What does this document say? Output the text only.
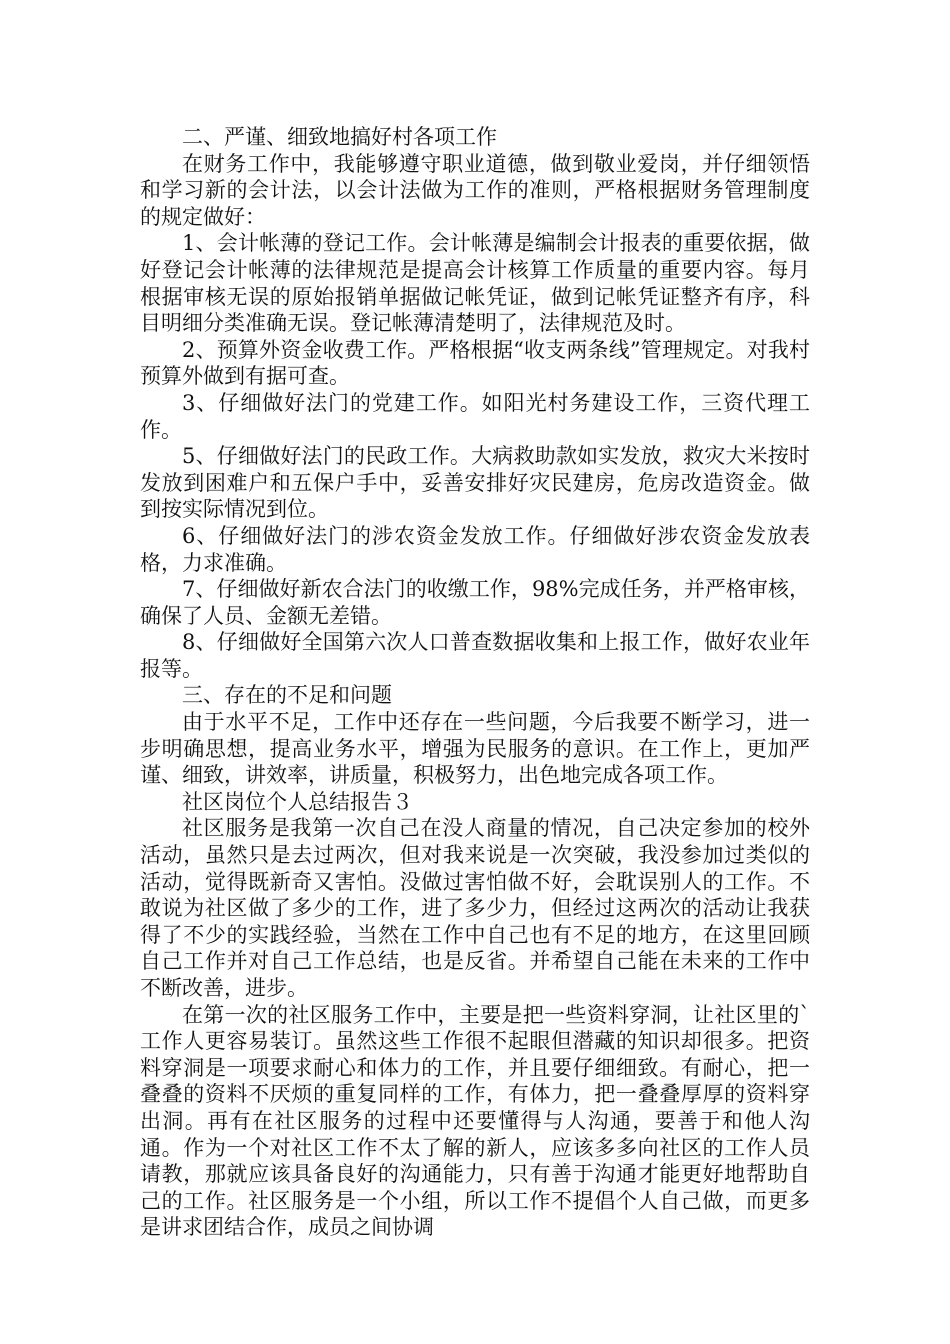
二、严谨、细致地搞好村各项工作

在财务工作中，我能够遵守职业道德，做到敬业爱岗，并仔细领悟和学习新的会计法，以会计法做为工作的准则，严格根据财务管理制度的规定做好：

1、会计帐薄的登记工作。会计帐薄是编制会计报表的重要依据，做好登记会计帐薄的法律规范是提高会计核算工作质量的重要内容。每月根据审核无误的原始报销单据做记帐凭证，做到记帐凭证整齐有序，科目明细分类准确无误。登记帐薄清楚明了，法律规范及时。

2、预算外资金收费工作。严格根据“收支两条线”管理规定。对我村预算外做到有据可查。

3、仔细做好法门的党建工作。如阳光村务建设工作，三资代理工作。

5、仔细做好法门的民政工作。大病救助款如实发放，救灾大米按时发放到困难户和五保户手中，妥善安排好灾民建房，危房改造资金。做到按实际情况到位。

6、仔细做好法门的涉农资金发放工作。仔细做好涉农资金发放表格，力求准确。

7、仔细做好新农合法门的收缴工作，98%完成任务，并严格审核，确保了人员、金额无差错。

8、仔细做好全国第六次人口普查数据收集和上报工作，做好农业年报等。

三、存在的不足和问题

由于水平不足，工作中还存在一些问题，今后我要不断学习，进一步明确思想，提高业务水平，增强为民服务的意识。在工作上，更加严谨、细致，讲效率，讲质量，积极努力，出色地完成各项工作。

社区岗位个人总结报告３

社区服务是我第一次自己在没人商量的情况，自己决定参加的校外活动，虽然只是去过两次，但对我来说是一次突破，我没参加过类似的活动，觉得既新奇又害怕。没做过害怕做不好，会耽误别人的工作。不敢说为社区做了多少的工作，进了多少力，但经过这两次的活动让我获得了不少的实践经验，当然在工作中自己也有不足的地方，在这里回顾自己工作并对自己工作总结，也是反省。并希望自己能在未来的工作中不断改善，进步。

在第一次的社区服务工作中，主要是把一些资料穿洞，让社区里的`工作人更容易装订。虽然这些工作很不起眼但潜藏的知识却很多。把资料穿洞是一项要求耐心和体力的工作，并且要仔细细致。有耐心，把一叠叠的资料不厌烦的重复同样的工作，有体力，把一叠叠厚厚的资料穿出洞。再有在社区服务的过程中还要懂得与人沟通，要善于和他人沟通。作为一个对社区工作不太了解的新人，应该多多向社区的工作人员请教，那就应该具备良好的沟通能力，只有善于沟通才能更好地帮助自己的工作。社区服务是一个小组，所以工作不提倡个人自己做，而更多是讲求团结合作，成员之间协调
